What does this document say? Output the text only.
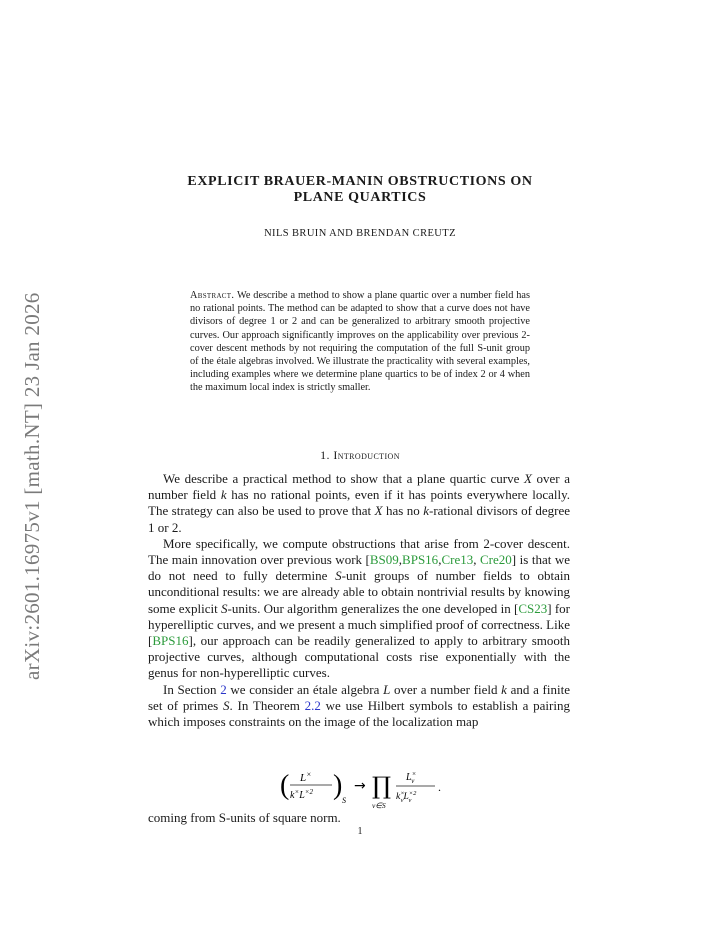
arXiv:2601.16975v1 [math.NT] 23 Jan 2026
EXPLICIT BRAUER-MANIN OBSTRUCTIONS ON
PLANE QUARTICS
NILS BRUIN AND BRENDAN CREUTZ
Abstract. We describe a method to show a plane quartic over a number field has no rational points. The method can be adapted to show that a curve does not have divisors of degree 1 or 2 and can be generalized to arbitrary smooth projective curves. Our approach significantly improves on the applicability over previous 2-cover descent methods by not requiring the computation of the full S-unit group of the étale algebras involved. We illustrate the practicality with several examples, including examples where we determine plane quartics to be of index 2 or 4 when the maximum local index is strictly smaller.
1. Introduction

We describe a practical method to show that a plane quartic curve X over a number field k has no rational points, even if it has points everywhere locally. The strategy can also be used to prove that X has no k-rational divisors of degree 1 or 2.

More specifically, we compute obstructions that arise from 2-cover descent. The main innovation over previous work [BS09,BPS16,Cre13, Cre20] is that we do not need to fully determine S-unit groups of number fields to obtain unconditional results: we are already able to obtain nontrivial results by knowing some explicit S-units. Our algorithm generalizes the one developed in [CS23] for hyperelliptic curves, and we present a much simplified proof of correctness. Like [BPS16], our approach can be readily generalized to apply to arbitrary smooth projective curves, although computational costs rise exponentially with the genus for non-hyperelliptic curves.

In Section 2 we consider an étale algebra L over a number field k and a finite set of primes S. In Theorem 2.2 we use Hilbert symbols to establish a pairing which imposes constraints on the image of the localization map

( L×
$k^\times L^{\times 2}$ ) S
→ ∏
v∈S
L× v
k× $vL^{\times 2}$ v
.
coming from S-units of square norm.
1
